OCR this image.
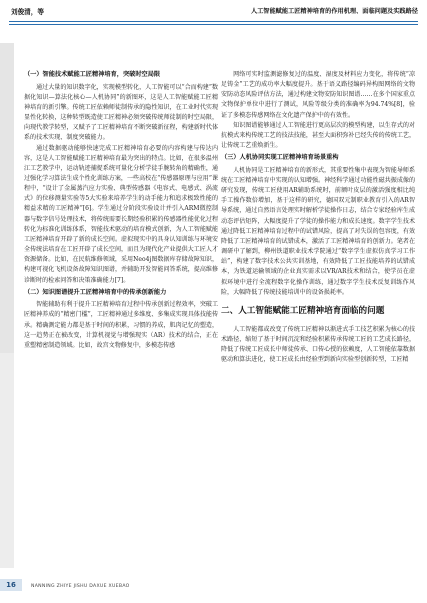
刘俊清，等	人工智能赋能工匠精神培育的作用机理、面临问题及实践路径
（一）智能技术赋能工匠精神培育，突破时空局限

通过大量的知识数字化，实现模型转化，人工智能可以“合而构建”数据化知识—算法化核心—人机协同”的新图环，这是人工智能赋能工匠精神培育的新引擎。传统工匠依赖师徒制传承的隐性知识，在工业时代实现显性化转换，这种转型既造使工匠精神必须突破传统师徒制的时空局限，向现代教学转型，又赋予了工匠精神培育不断突破新征程，构建新时代体系的技术实现、制度突破能力。

通过数据驱动能够快速完成工匠精神培育必要的内容构建与传达内容，这是人工智能赋能工匠精神培育最为突出的特点。比如，在很多温州江工艺教学中，运动轨迹捕捉系统可量化分析学徒手腕转角的精确性，通过强化学习算法生成个性化训练方案，一些高校在“传感器原理与应用”课程中，“设计了金属蒸汽应力实验、典型传感器《电容式、电感式、涡流式》的位移测量实验等5大实验来培养学生的动手能力和追求极致性能的精益求精的工匠精神”[6]。学生通过分阶段实验设计并引入ARM微控制器与数字信号处理技术，将传统需要长期经验积累的传感器性能优化过程转化为标准化训练体系，智能技术驱动的培育模式创新，为人工智能赋能工匠精神培育开辟了新的成长空间。虚拟现实中的具身认知训练与环境安全传统法培育在工匠开辟了成长空间，而且为现代化产业提供大工匠人才资源储备。比如，在民航维修领域，采用Neo4j图数据库存储故障知识，构建可视化飞机设备故障知识图谱，并辅助开发智能问答系统，提高维修诊断时的检索问答和决策准确能力[7]。

（二）知识图谱提升工匠精神培育中的传承创新能力

智能辅助有利于提升工匠精神培育过程中传承创新过程效率，突破工匠精神养成的“精密门槛”，工匠精神通过多维度、多集成实现具体技能传承。精确测定能力都是基于时间的积累，习惯的养成，肌肉记忆的塑造，这一趋势正在被改变，计算机视觉与增强现实（AR）技术的结合，正在重塑精密制造领域。比如，故宫文物修复中，多模态传感

网络可实时监测滤修复过的温度、湿度及材料应力变化，将传统“凉足铸金”工艺的成功率大幅度提升。基于语义路径编码异构图网络的文物安防动态风险评估方法，通过构建文物安防知识图谱……在多个国家重点文物保护单位中进行了测试，风险等级分类的准确率为94.74%[8]，验证了多模态传感网络在文化遗产保护中的有效性。

知识图谱能够通过人工智能进行更高层次的模型构建，以生存式的对抗模式来构传统工艺的技法技能，甚至大面积弥补已经失传的传统工艺，让传统工艺重焕新生。

（三）人机协同实现工匠精神培育场景重构

人机协同是工匠精神培育的新形式，其重要性集中表现为智能导师系统在工匠精神培育中实现的认知增强。神经科学通过功能性磁共振成像的研究发现，传统工匠使用AR辅助系统时，前额叶皮层的激活强度相比纯手工操作数倍增加，基于这样的研究，德国双元制职业教育引入的AR智导系统，通过自然语言处理实时解析学徒操作日志，结合专家经验库生成动态评估矩阵，大幅度提升了学徒的操作能力和成长速度。数字学生技术通过降低工匠精神培育过程中的试错风险，提高了对失误的包容度，有效降低了工匠精神培育的试错成本，激活了工匠精神培育的创新力。笔者在调研中了解到，柳州铁道职业技术学院通过“数字学生虚拟仿真学习工作站”，构建了数字技术公共实训基地，有效降低了工匠技能培养的试错成本，为铁道运输领域的企业真实需求以VR/AR技术和结合，使学员在虚拟环境中进行全流程数字化操作训练，通过数字学生技术反复训练作风险，大幅降低了传统技能培训中的设备损耗率。

二、人工智能赋能工匠精神培育面临的问题

人工智能都或改变了传统工匠精神以渐进式手工技艺积累为核心的技术路径，缩短了基于时间沉淀和经验积累传承传统工匠的工艺成长路径，降低了传统工匠成长中师徒传承、口传心授的依赖度，人工智能依靠数据驱动和算法进化，使工匠成长由经验型到新向实验型创新转型，工匠精

16	NANNING ZHIYE JISHU DAXUE XUEBAO
